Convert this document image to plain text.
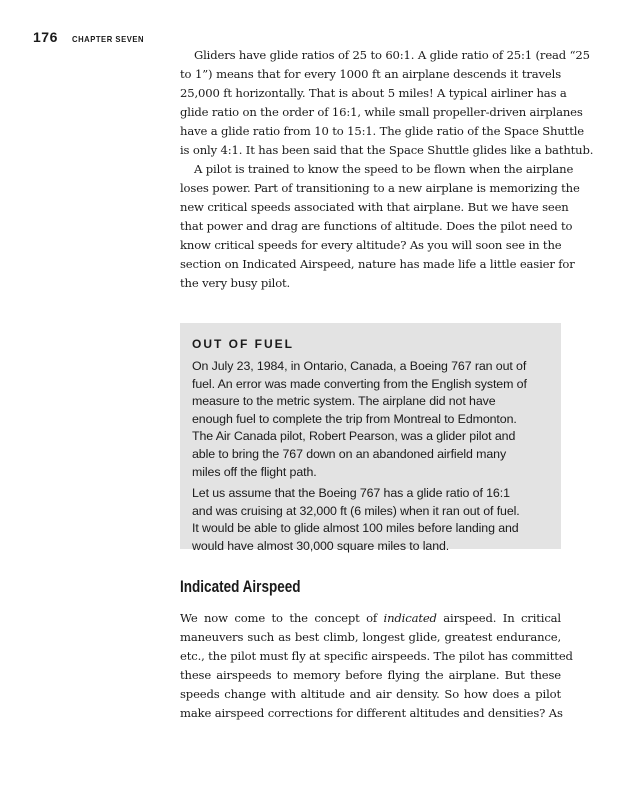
176 CHAPTER SEVEN
Gliders have glide ratios of 25 to 60:1. A glide ratio of 25:1 (read “25
to 1”) means that for every 1000 ft an airplane descends it travels
25,000 ft horizontally. That is about 5 miles! A typical airliner has a
glide ratio on the order of 16:1, while small propeller-driven airplanes
have a glide ratio from 10 to 15:1. The glide ratio of the Space Shuttle
is only 4:1. It has been said that the Space Shuttle glides like a bathtub.
A pilot is trained to know the speed to be flown when the airplane
loses power. Part of transitioning to a new airplane is memorizing the
new critical speeds associated with that airplane. But we have seen
that power and drag are functions of altitude. Does the pilot need to
know critical speeds for every altitude? As you will soon see in the
section on Indicated Airspeed, nature has made life a little easier for
the very busy pilot.
OUT OF FUEL
On July 23, 1984, in Ontario, Canada, a Boeing 767 ran out of
fuel. An error was made converting from the English system of
measure to the metric system. The airplane did not have
enough fuel to complete the trip from Montreal to Edmonton.
The Air Canada pilot, Robert Pearson, was a glider pilot and
able to bring the 767 down on an abandoned airfield many
miles off the flight path.
Let us assume that the Boeing 767 has a glide ratio of 16:1
and was cruising at 32,000 ft (6 miles) when it ran out of fuel.
It would be able to glide almost 100 miles before landing and
would have almost 30,000 square miles to land.
Indicated Airspeed
We now come to the concept of indicated airspeed. In critical
maneuvers such as best climb, longest glide, greatest endurance,
etc., the pilot must fly at specific airspeeds. The pilot has committed
these airspeeds to memory before flying the airplane. But these
speeds change with altitude and air density. So how does a pilot
make airspeed corrections for different altitudes and densities? As
